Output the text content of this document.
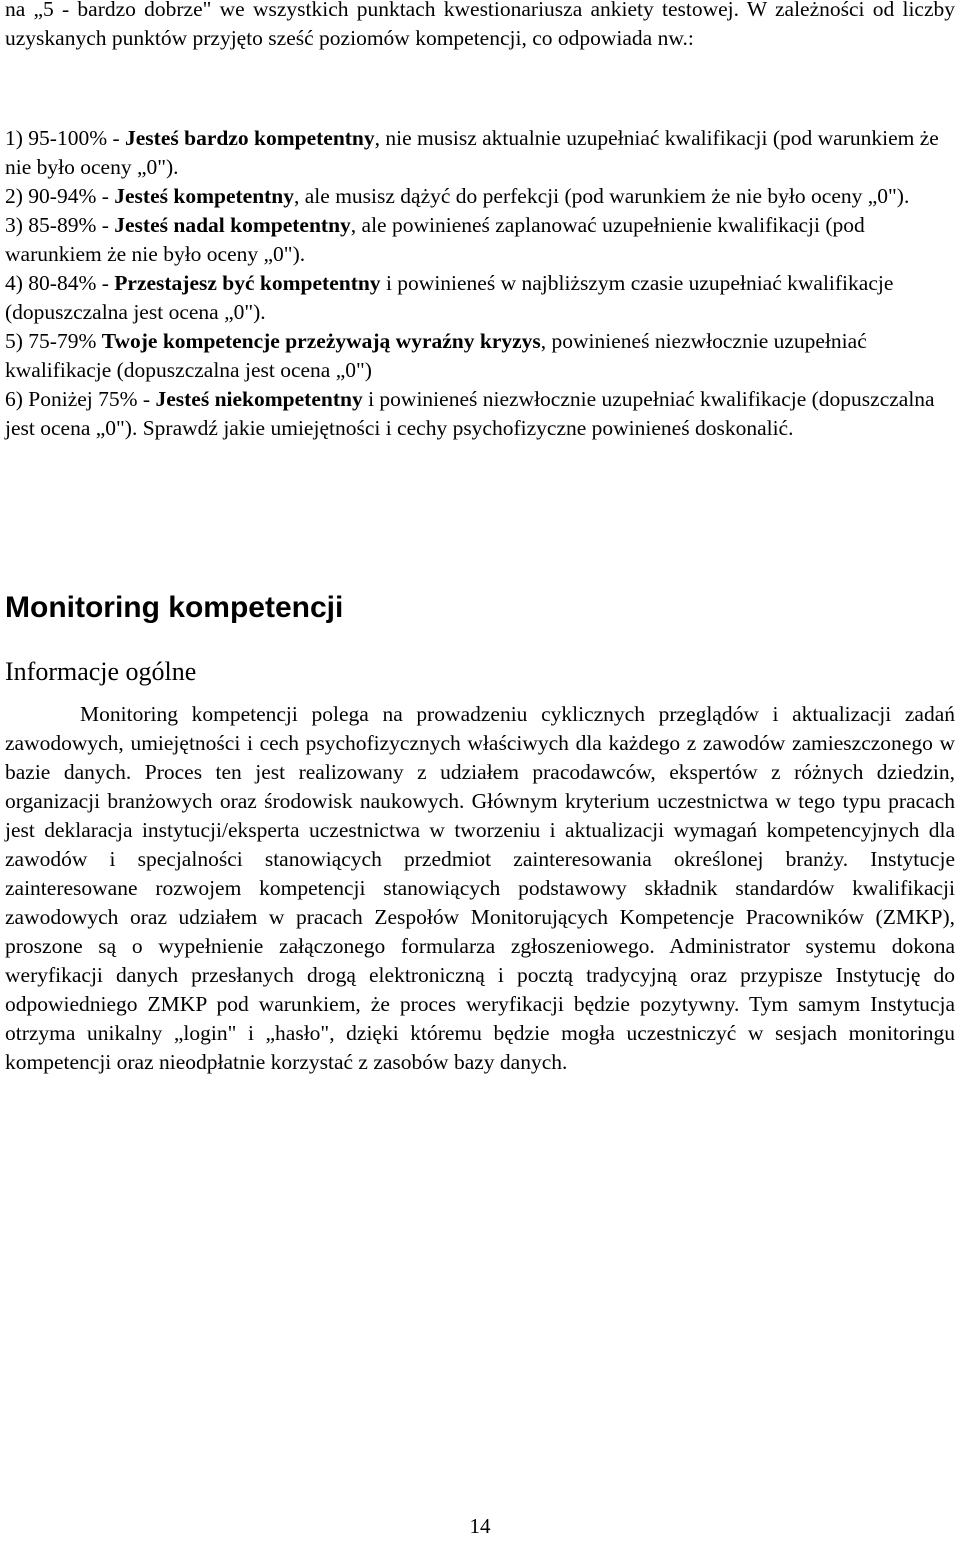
na „5 - bardzo dobrze" we wszystkich punktach kwestionariusza ankiety testowej. W zależności od liczby uzyskanych punktów przyjęto sześć poziomów kompetencji, co odpowiada nw.:

1) 95-100% - Jesteś bardzo kompetentny, nie musisz aktualnie uzupełniać kwalifikacji (pod warunkiem że nie było oceny „0").

2) 90-94% - Jesteś kompetentny, ale musisz dążyć do perfekcji (pod warunkiem że nie było oceny „0").

3) 85-89% - Jesteś nadal kompetentny, ale powinieneś zaplanować uzupełnienie kwalifikacji (pod warunkiem że nie było oceny „0").

4) 80-84% - Przestajesz być kompetentny i powinieneś w najbliższym czasie uzupełniać kwalifikacje (dopuszczalna jest ocena „0").

5) 75-79% Twoje kompetencje przeżywają wyraźny kryzys, powinieneś niezwłocznie uzupełniać kwalifikacje (dopuszczalna jest ocena „0")

6) Poniżej 75% - Jesteś niekompetentny i powinieneś niezwłocznie uzupełniać kwalifikacje (dopuszczalna jest ocena „0"). Sprawdź jakie umiejętności i cechy psychofizyczne powinieneś doskonalić.

Monitoring kompetencji
Informacje ogólne

Monitoring kompetencji polega na prowadzeniu cyklicznych przeglądów i aktualizacji zadań zawodowych, umiejętności i cech psychofizycznych właściwych dla każdego z zawodów zamieszczonego w bazie danych. Proces ten jest realizowany z udziałem pracodawców, ekspertów z różnych dziedzin, organizacji branżowych oraz środowisk naukowych. Głównym kryterium uczestnictwa w tego typu pracach jest deklaracja instytucji/eksperta uczestnictwa w tworzeniu i aktualizacji wymagań kompetencyjnych dla zawodów i specjalności stanowiących przedmiot zainteresowania określonej branży. Instytucje zainteresowane rozwojem kompetencji stanowiących podstawowy składnik standardów kwalifikacji zawodowych oraz udziałem w pracach Zespołów Monitorujących Kompetencje Pracowników (ZMKP), proszone są o wypełnienie załączonego formularza zgłoszeniowego. Administrator systemu dokona weryfikacji danych przesłanych drogą elektroniczną i pocztą tradycyjną oraz przypisze Instytucję do odpowiedniego ZMKP pod warunkiem, że proces weryfikacji będzie pozytywny. Tym samym Instytucja otrzyma unikalny „login" i „hasło", dzięki któremu będzie mogła uczestniczyć w sesjach monitoringu kompetencji oraz nieodpłatnie korzystać z zasobów bazy danych.

14
